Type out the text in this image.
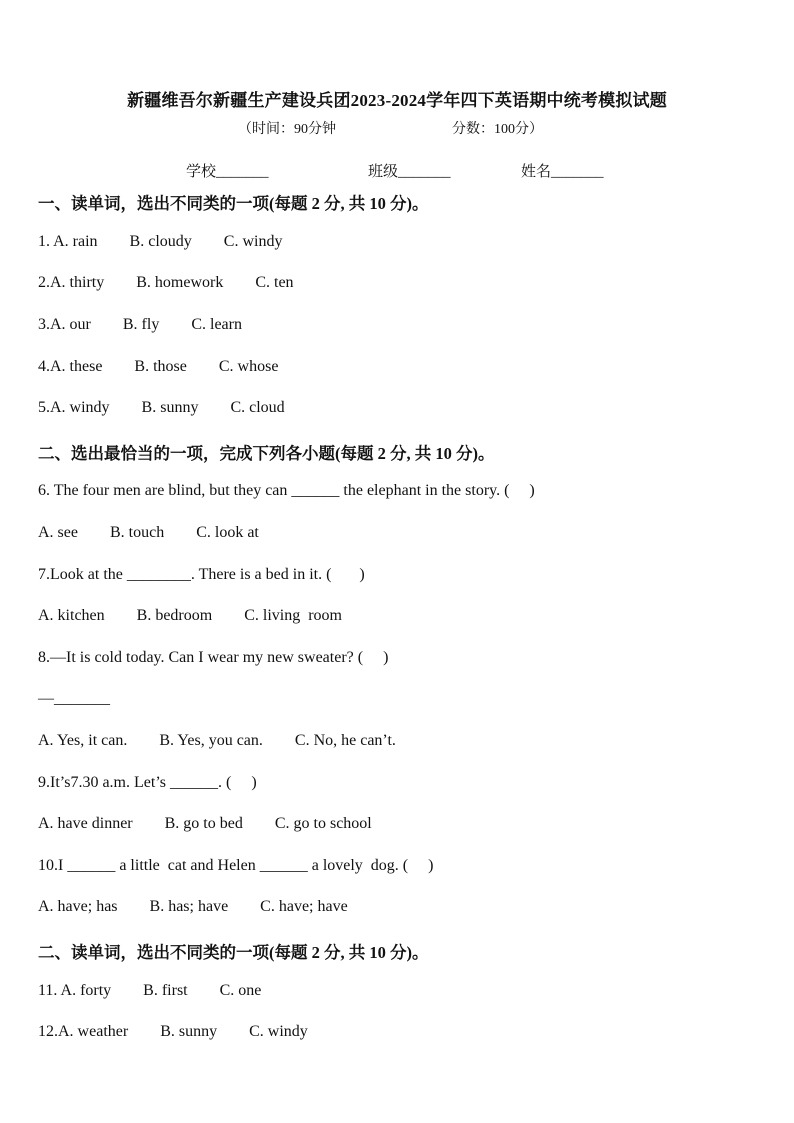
新疆维吾尔新疆生产建设兵团2023-2024学年四下英语期中统考模拟试题
（时间：90分钟	分数：100分）
学校_______	班级_______	姓名_______
一、读单词，选出不同类的一项(每题 2 分, 共 10 分)。
1. A. rain        B. cloudy        C. windy
2.A. thirty        B. homework        C. ten
3.A. our        B. fly        C. learn
4.A. these        B. those        C. whose
5.A. windy        B. sunny        C. cloud
二、选出最恰当的一项，完成下列各小题(每题 2 分, 共 10 分)。
6. The four men are blind, but they can ______ the elephant in the story. (     )
A. see        B. touch        C. look at
7.Look at the ________. There is a bed in it. (       )
A. kitchen        B. bedroom        C. living  room
8.—It is cold today. Can I wear my new sweater? (     )
—_______
A. Yes, it can.        B. Yes, you can.        C. No, he can’t.
9.It’s7.30 a.m. Let’s ______. (     )
A. have dinner        B. go to bed        C. go to school
10.I ______ a little  cat and Helen ______ a lovely  dog. (     )
A. have; has        B. has; have        C. have; have
二、读单词，选出不同类的一项(每题 2 分, 共 10 分)。
11. A. forty        B. first        C. one
12.A. weather        B. sunny        C. windy
